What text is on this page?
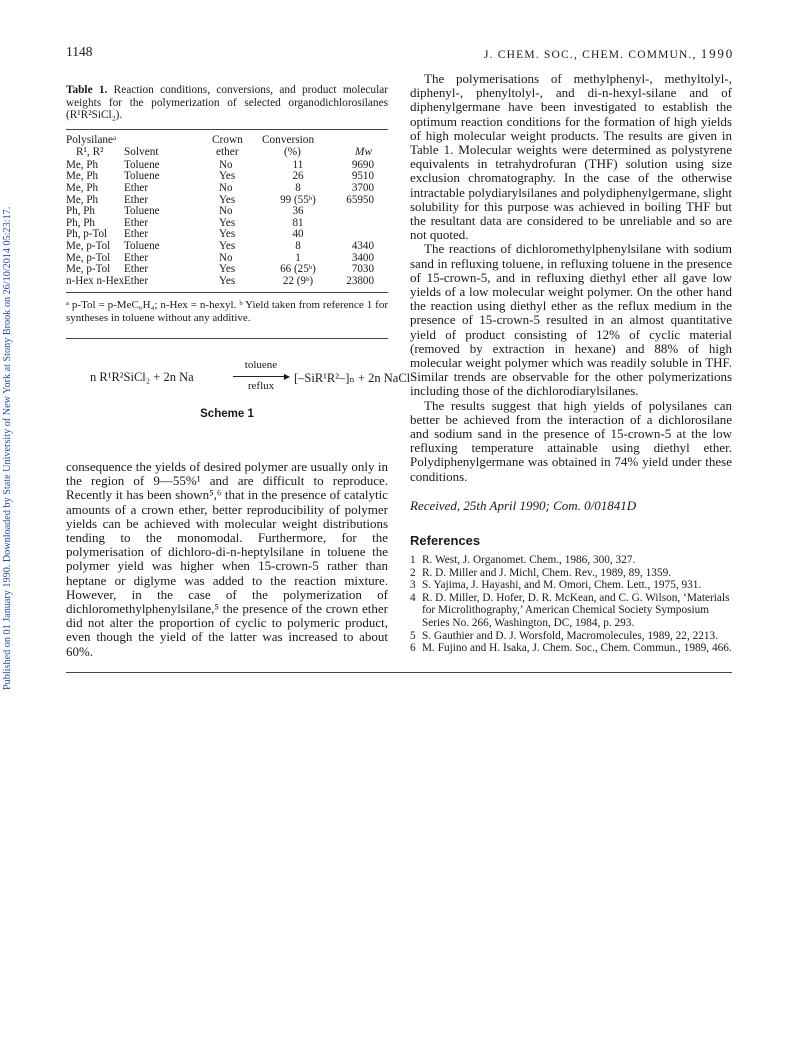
Published on 01 January 1990. Downloaded by State University of New York at Stony Brook on 26/10/2014 05:23:17.
1148	J. CHEM. SOC., CHEM. COMMUN., 1990
Table 1. Reaction conditions, conversions, and product molecular weights for the polymerization of selected organodichlorosilanes (R¹R²SiCl₂).
Polysilaneᵃ
R¹, R² Solvent
Crown
ether
Conversion
(%)	Mw
Me, Ph Toluene	No	11	9690
Me, Ph Toluene	Yes	26	9510
Me, Ph Ether	No	8	3700
Me, Ph Ether	Yes	99 (55ᵇ)	65950
Ph, Ph	Toluene	No	36
Ph, Ph	Ether	Yes	81
Ph, p-Tol Ether	Yes	40
Me, p-Tol Toluene	Yes	8	4340
Me, p-Tol Ether	No	1	3400
Me, p-Tol Ether	Yes	66 (25ᵇ)	7030
n-Hex n-Hex Ether	Yes	22 (9ᵇ)	23800
ᵃ p-Tol = p-MeC₆H₄; n-Hex = n-hexyl. ᵇ Yield taken from reference 1 for syntheses in toluene without any additive.
n R¹R²SiCl₂ + 2n Na
toluene
▶
reflux
[–SiR¹R²–]ₙ + 2n NaCl
Scheme 1
consequence the yields of desired polymer are usually only in the region of 9—55%¹ and are difficult to reproduce. Recently it has been shown⁵,⁶ that in the presence of catalytic amounts of a crown ether, better reproducibility of polymer yields can be achieved with molecular weight distributions tending to the monomodal. Furthermore, for the polymerisation of dichloro-di-n-heptylsilane in toluene the polymer yield was higher when 15-crown-5 rather than heptane or diglyme was added to the reaction mixture. However, in the case of the polymerization of dichloromethylphenylsilane,⁵ the presence of the crown ether did not alter the proportion of cyclic to polymeric product, even though the yield of the latter was increased to about 60%.
The polymerisations of methylphenyl-, methyltolyl-, diphenyl-, phenyltolyl-, and di-n-hexyl-silane and of diphenylgermane have been investigated to establish the optimum reaction conditions for the formation of high yields of high molecular weight products. The results are given in Table 1. Molecular weights were determined as polystyrene equivalents in tetrahydrofuran (THF) solution using size exclusion chromatography. In the case of the otherwise intractable polydiarylsilanes and polydiphenylgermane, slight solubility for this purpose was achieved in boiling THF but the resultant data are considered to be unreliable and so are not quoted.
The reactions of dichloromethylphenylsilane with sodium sand in refluxing toluene, in refluxing toluene in the presence of 15-crown-5, and in refluxing diethyl ether all gave low yields of a low molecular weight polymer. On the other hand the reaction using diethyl ether as the reflux medium in the presence of 15-crown-5 resulted in an almost quantitative yield of product consisting of 12% of cyclic material (removed by extraction in hexane) and 88% of high molecular weight polymer which was readily soluble in THF. Similar trends are observable for the other polymerizations including those of the dichlorodiarylsilanes.
The results suggest that high yields of polysilanes can better be achieved from the interaction of a dichlorosilane and sodium sand in the presence of 15-crown-5 at the low refluxing temperature attainable using diethyl ether. Polydiphenylgermane was obtained in 74% yield under these conditions.
Received, 25th April 1990; Com. 0/01841D
References
1 R. West, J. Organomet. Chem., 1986, 300, 327.
2 R. D. Miller and J. Michl, Chem. Rev., 1989, 89, 1359.
3 S. Yajima, J. Hayashi, and M. Omori, Chem. Lett., 1975, 931.
4 R. D. Miller, D. Hofer, D. R. McKean, and C. G. Wilson, ‘Materials for Microlithography,’ American Chemical Society Symposium Series No. 266, Washington, DC, 1984, p. 293.
5 S. Gauthier and D. J. Worsfold, Macromolecules, 1989, 22, 2213.
6 M. Fujino and H. Isaka, J. Chem. Soc., Chem. Commun., 1989, 466.
